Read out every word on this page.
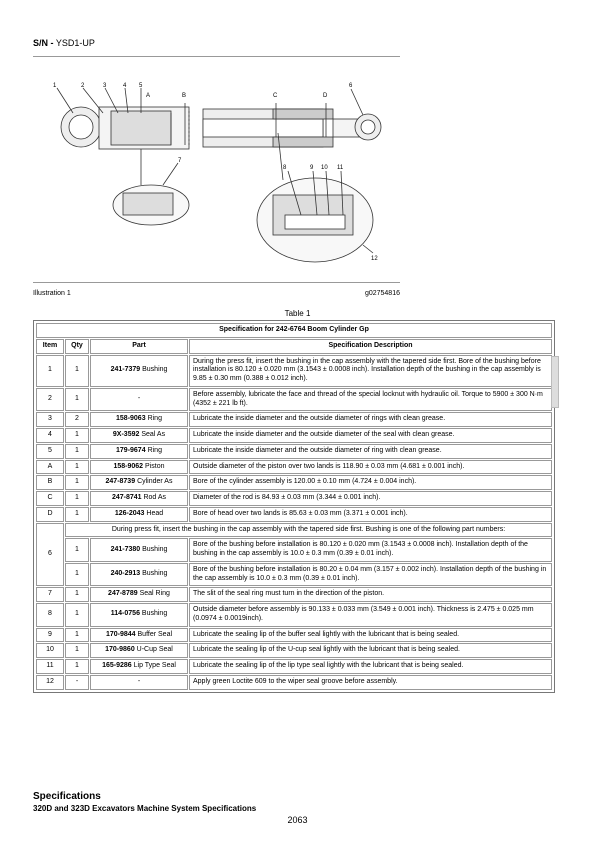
S/N - YSD1-UP
1	2	3	4 5
A	B	C	D
6
7
8	9 10 11
12
Illustration 1	g02754816
Table 1
Specification for 242-6764 Boom Cylinder Gp			
Item	Qty	Part	Specification Description
1	1	241-7379 Bushing	During the press fit, insert the bushing in the cap assembly with the tapered side first. Bore of the bushing before installation is 80.120 ± 0.020 mm (3.1543 ± 0.0008 inch). Installation depth of the bushing in the cap assembly is 9.85 ± 0.30 mm (0.388 ± 0.012 inch).
2	1	-	Before assembly, lubricate the face and thread of the special locknut with hydraulic oil. Torque to 5900 ± 300 N·m (4352 ± 221 lb ft).
3	2	158-9063 Ring	Lubricate the inside diameter and the outside diameter of rings with clean grease.
4	1	9X-3592 Seal As	Lubricate the inside diameter and the outside diameter of the seal with clean grease.
5	1	179-9674 Ring	Lubricate the inside diameter and the outside diameter of ring with clean grease.
A	1	158-9062 Piston	Outside diameter of the piston over two lands is 118.90 ± 0.03 mm (4.681 ± 0.001 inch).
B	1	247-8739 Cylinder As	Bore of the cylinder assembly is 120.00 ± 0.10 mm (4.724 ± 0.004 inch).
C	1	247-8741 Rod As	Diameter of the rod is 84.93 ± 0.03 mm (3.344 ± 0.001 inch).
D	1	126-2043 Head	Bore of head over two lands is 85.63 ± 0.03 mm (3.371 ± 0.001 inch).
6	During press fit, insert the bushing in the cap assembly with the tapered side first. Bushing is one of the following part numbers:		
	1	241-7380 Bushing	Bore of the bushing before installation is 80.120 ± 0.020 mm (3.1543 ± 0.0008 inch). Installation depth of the bushing in the cap assembly is 10.0 ± 0.3 mm (0.39 ± 0.01 inch).
	1	240-2913 Bushing	Bore of the bushing before installation is 80.20 ± 0.04 mm (3.157 ± 0.002 inch). Installation depth of the bushing in the cap assembly is 10.0 ± 0.3 mm (0.39 ± 0.01 inch).
7	1	247-8789 Seal Ring	The slit of the seal ring must turn in the direction of the piston.
8	1	114-0756 Bushing	Outside diameter before assembly is 90.133 ± 0.033 mm (3.549 ± 0.001 inch). Thickness is 2.475 ± 0.025 mm (0.0974 ± 0.0019inch).
9	1	170-9844 Buffer Seal	Lubricate the sealing lip of the buffer seal lightly with the lubricant that is being sealed.
10	1	170-9860 U-Cup Seal	Lubricate the sealing lip of the U-cup seal lightly with the lubricant that is being sealed.
11	1	165-9286 Lip Type Seal	Lubricate the sealing lip of the lip type seal lightly with the lubricant that is being sealed.
12	-	-	Apply green Loctite 609 to the wiper seal groove before assembly.
Specifications
320D and 323D Excavators Machine System Specifications
2063
